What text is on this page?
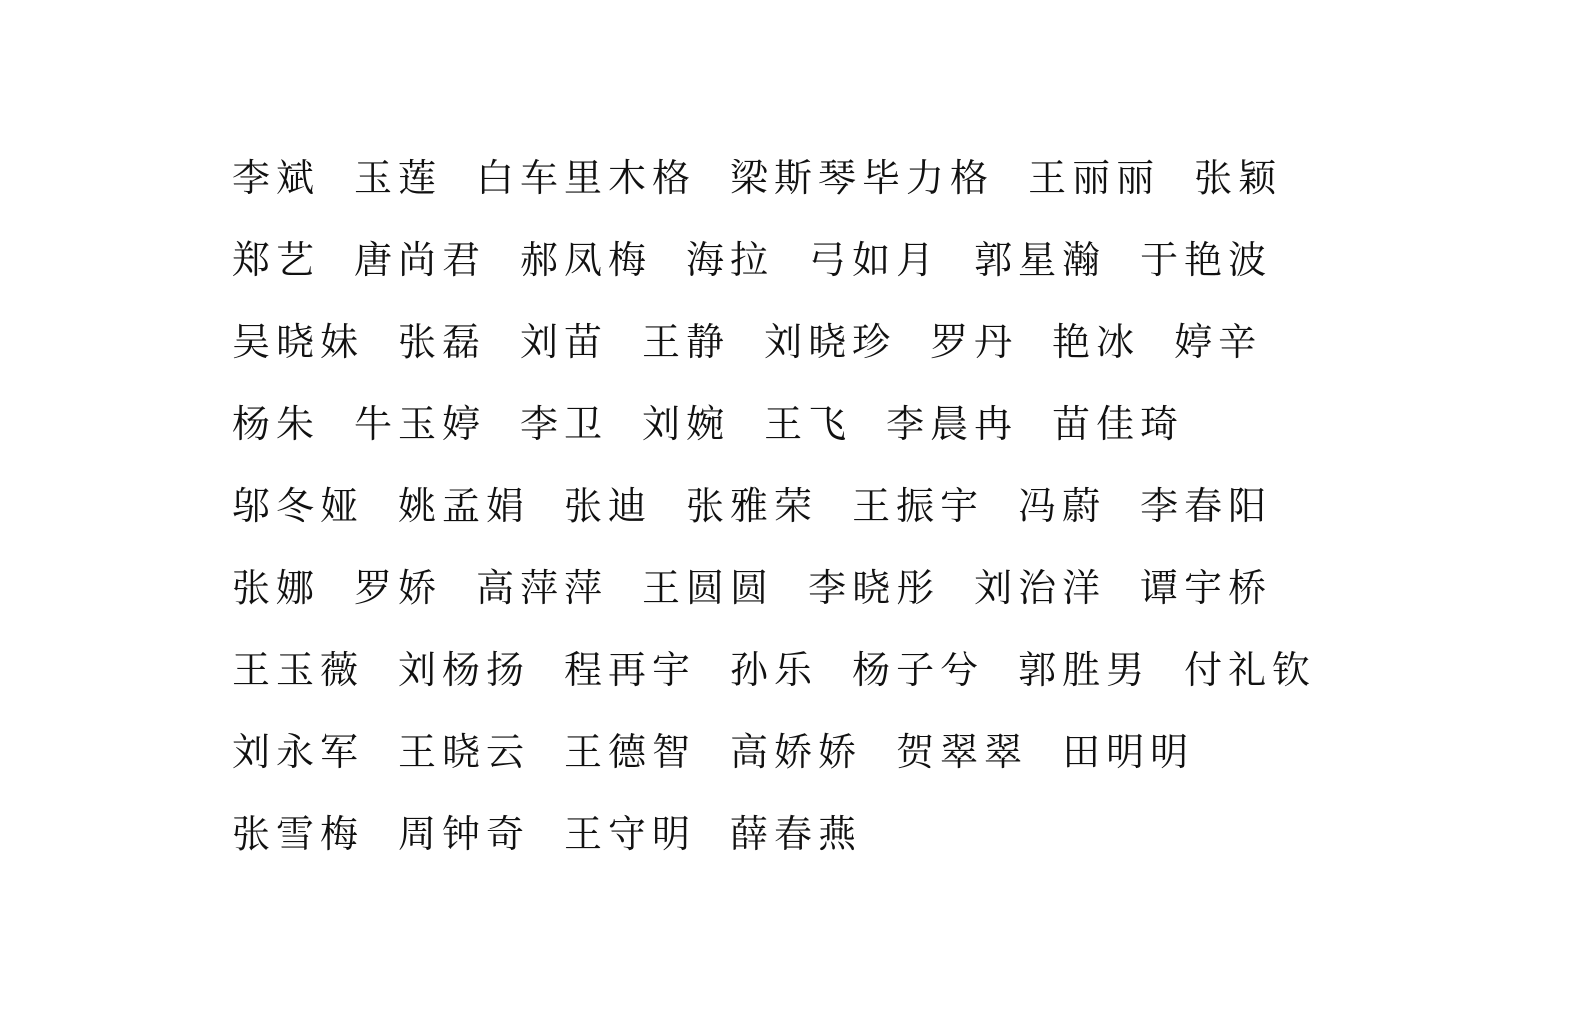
李斌 玉莲 白车里木格 梁斯琴毕力格 王丽丽 张颖
郑艺 唐尚君 郝凤梅 海拉 弓如月 郭星瀚 于艳波
吴晓妹 张磊 刘苗 王静 刘晓珍 罗丹 艳冰 婷辛
杨朱 牛玉婷 李卫 刘婉 王飞 李晨冉 苗佳琦
邬冬娅 姚孟娟 张迪 张雅荣 王振宇 冯蔚 李春阳
张娜 罗娇 高萍萍 王圆圆 李晓彤 刘治洋 谭宇桥
王玉薇 刘杨扬 程再宇 孙乐 杨子兮 郭胜男 付礼钦
刘永军 王晓云 王德智 高娇娇 贺翠翠 田明明
张雪梅 周钟奇 王守明 薛春燕
